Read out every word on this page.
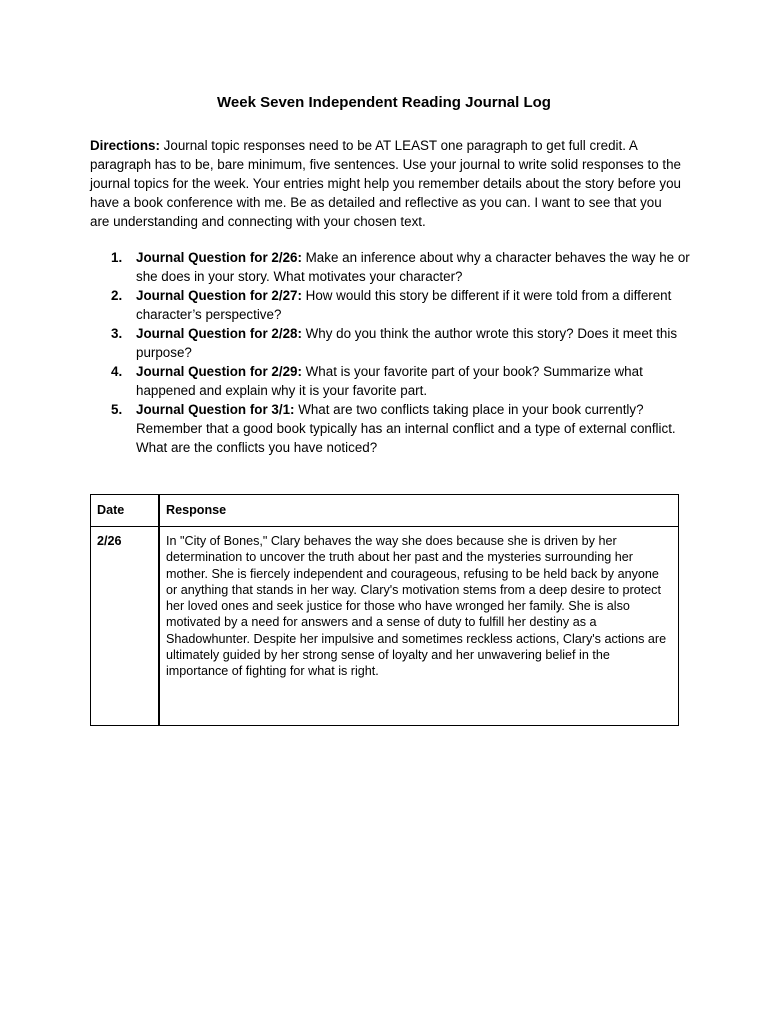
Week Seven Independent Reading Journal Log
Directions: Journal topic responses need to be AT LEAST one paragraph to get full credit. A paragraph has to be, bare minimum, five sentences. Use your journal to write solid responses to the journal topics for the week. Your entries might help you remember details about the story before you have a book conference with me. Be as detailed and reflective as you can. I want to see that you are understanding and connecting with your chosen text.
1. Journal Question for 2/26: Make an inference about why a character behaves the way he or she does in your story. What motivates your character?
2. Journal Question for 2/27: How would this story be different if it were told from a different character’s perspective?
3. Journal Question for 2/28: Why do you think the author wrote this story? Does it meet this purpose?
4. Journal Question for 2/29: What is your favorite part of your book? Summarize what happened and explain why it is your favorite part.
5. Journal Question for 3/1: What are two conflicts taking place in your book currently? Remember that a good book typically has an internal conflict and a type of external conflict. What are the conflicts you have noticed?
Date	Response
2/26	In "City of Bones," Clary behaves the way she does because she is driven by her determination to uncover the truth about her past and the mysteries surrounding her mother. She is fiercely independent and courageous, refusing to be held back by anyone or anything that stands in her way. Clary's motivation stems from a deep desire to protect her loved ones and seek justice for those who have wronged her family. She is also motivated by a need for answers and a sense of duty to fulfill her destiny as a Shadowhunter. Despite her impulsive and sometimes reckless actions, Clary's actions are ultimately guided by her strong sense of loyalty and her unwavering belief in the importance of fighting for what is right.
